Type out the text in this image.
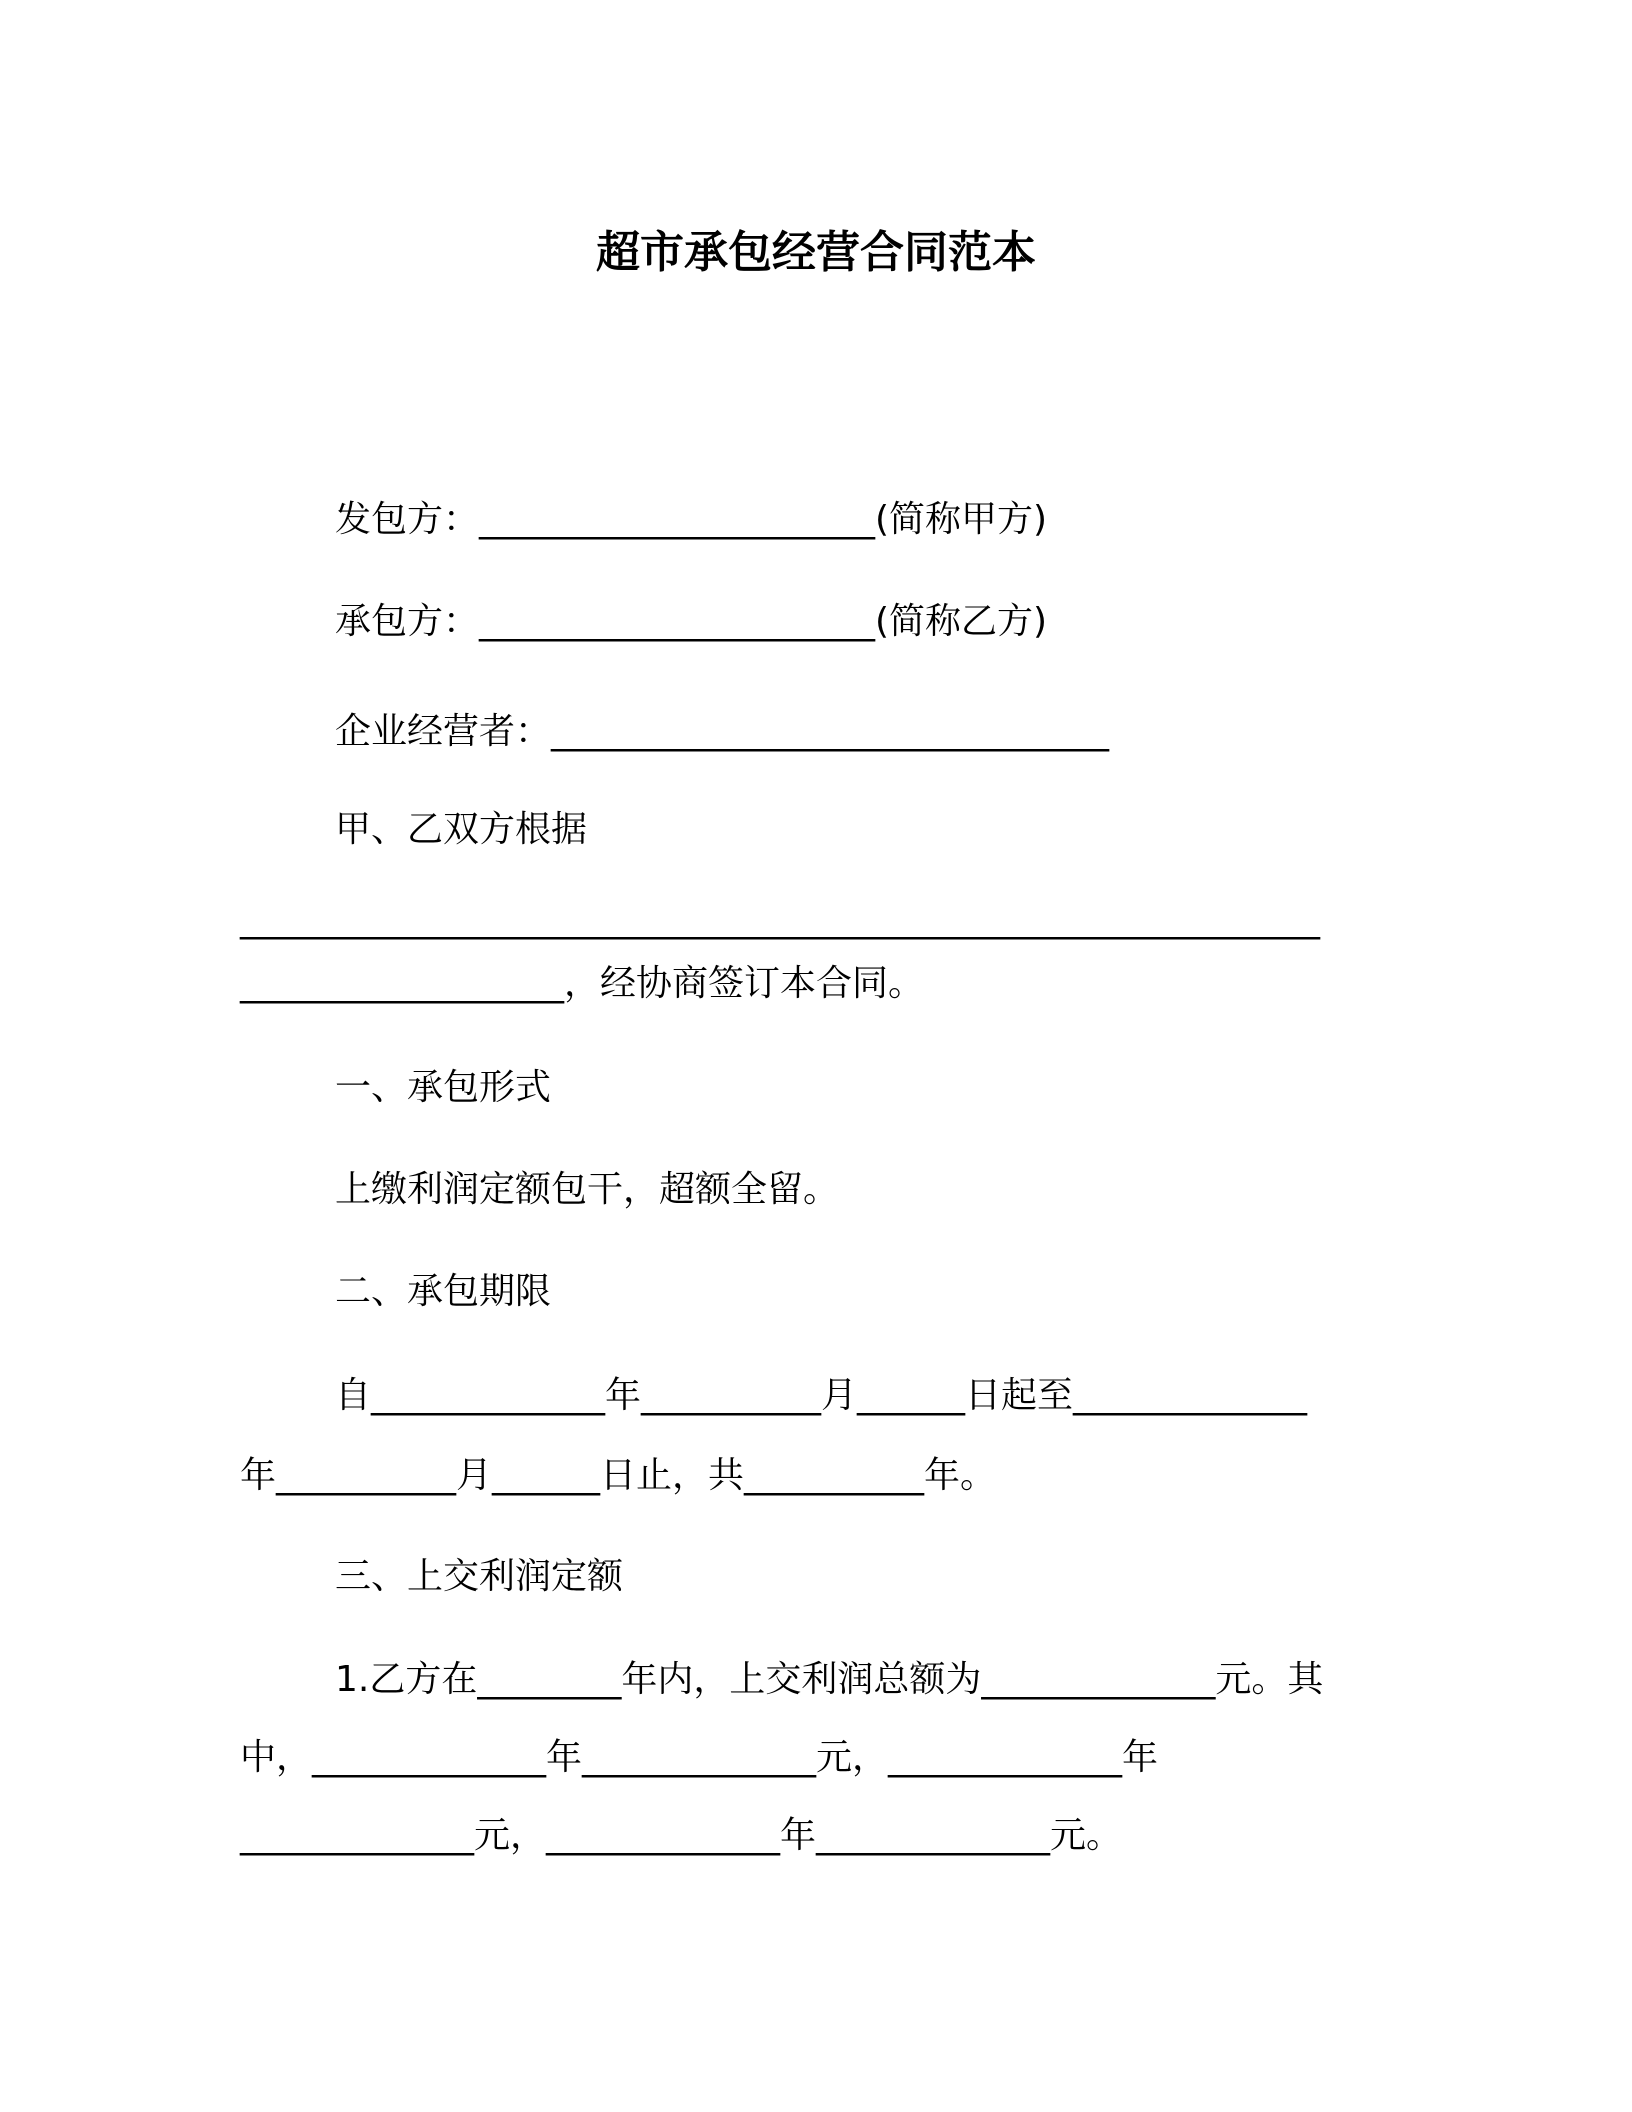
超市承包经营合同范本
发包方：______________________(简称甲方)
承包方：______________________(简称乙方)
企业经营者：_______________________________
甲、乙双方根据
____________________________________________________________
__________________，经协商签订本合同。
一、承包形式
上缴利润定额包干，超额全留。
二、承包期限
自_____________年__________月______日起至_____________
年__________月______日止，共__________年。
三、上交利润定额
1.乙方在________年内，上交利润总额为_____________元。其
中，_____________年_____________元，_____________年
_____________元，_____________年_____________元。
